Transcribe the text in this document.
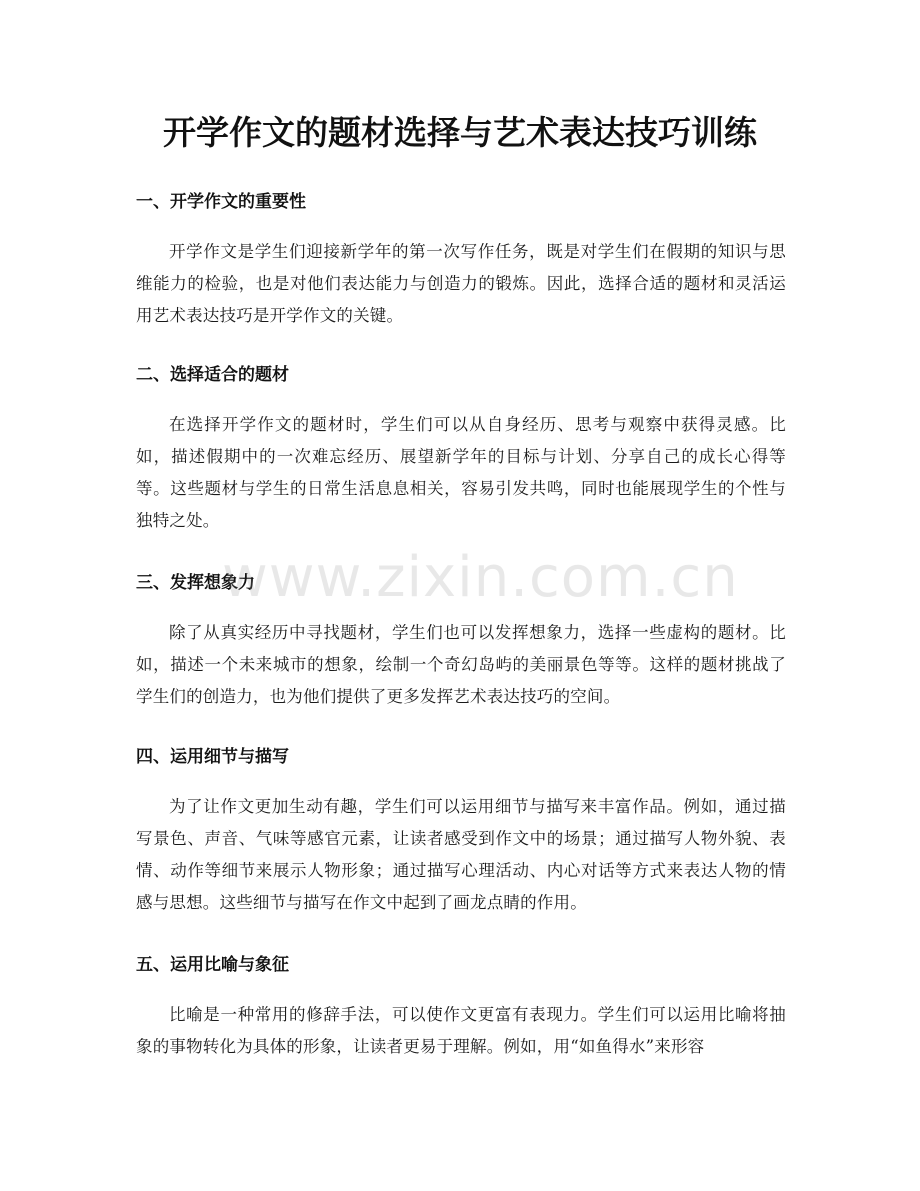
开学作文的题材选择与艺术表达技巧训练
一、开学作文的重要性

开学作文是学生们迎接新学年的第一次写作任务，既是对学生们在假期的知识与思维能力的检验，也是对他们表达能力与创造力的锻炼。因此，选择合适的题材和灵活运用艺术表达技巧是开学作文的关键。

二、选择适合的题材

在选择开学作文的题材时，学生们可以从自身经历、思考与观察中获得灵感。比如，描述假期中的一次难忘经历、展望新学年的目标与计划、分享自己的成长心得等等。这些题材与学生的日常生活息息相关，容易引发共鸣，同时也能展现学生的个性与独特之处。

三、发挥想象力

除了从真实经历中寻找题材，学生们也可以发挥想象力，选择一些虚构的题材。比如，描述一个未来城市的想象，绘制一个奇幻岛屿的美丽景色等等。这样的题材挑战了学生们的创造力，也为他们提供了更多发挥艺术表达技巧的空间。

四、运用细节与描写

为了让作文更加生动有趣，学生们可以运用细节与描写来丰富作品。例如，通过描写景色、声音、气味等感官元素，让读者感受到作文中的场景；通过描写人物外貌、表情、动作等细节来展示人物形象；通过描写心理活动、内心对话等方式来表达人物的情感与思想。这些细节与描写在作文中起到了画龙点睛的作用。

五、运用比喻与象征

比喻是一种常用的修辞手法，可以使作文更富有表现力。学生们可以运用比喻将抽象的事物转化为具体的形象，让读者更易于理解。例如，用“如鱼得水”来形容

www.zixin.com.cn
